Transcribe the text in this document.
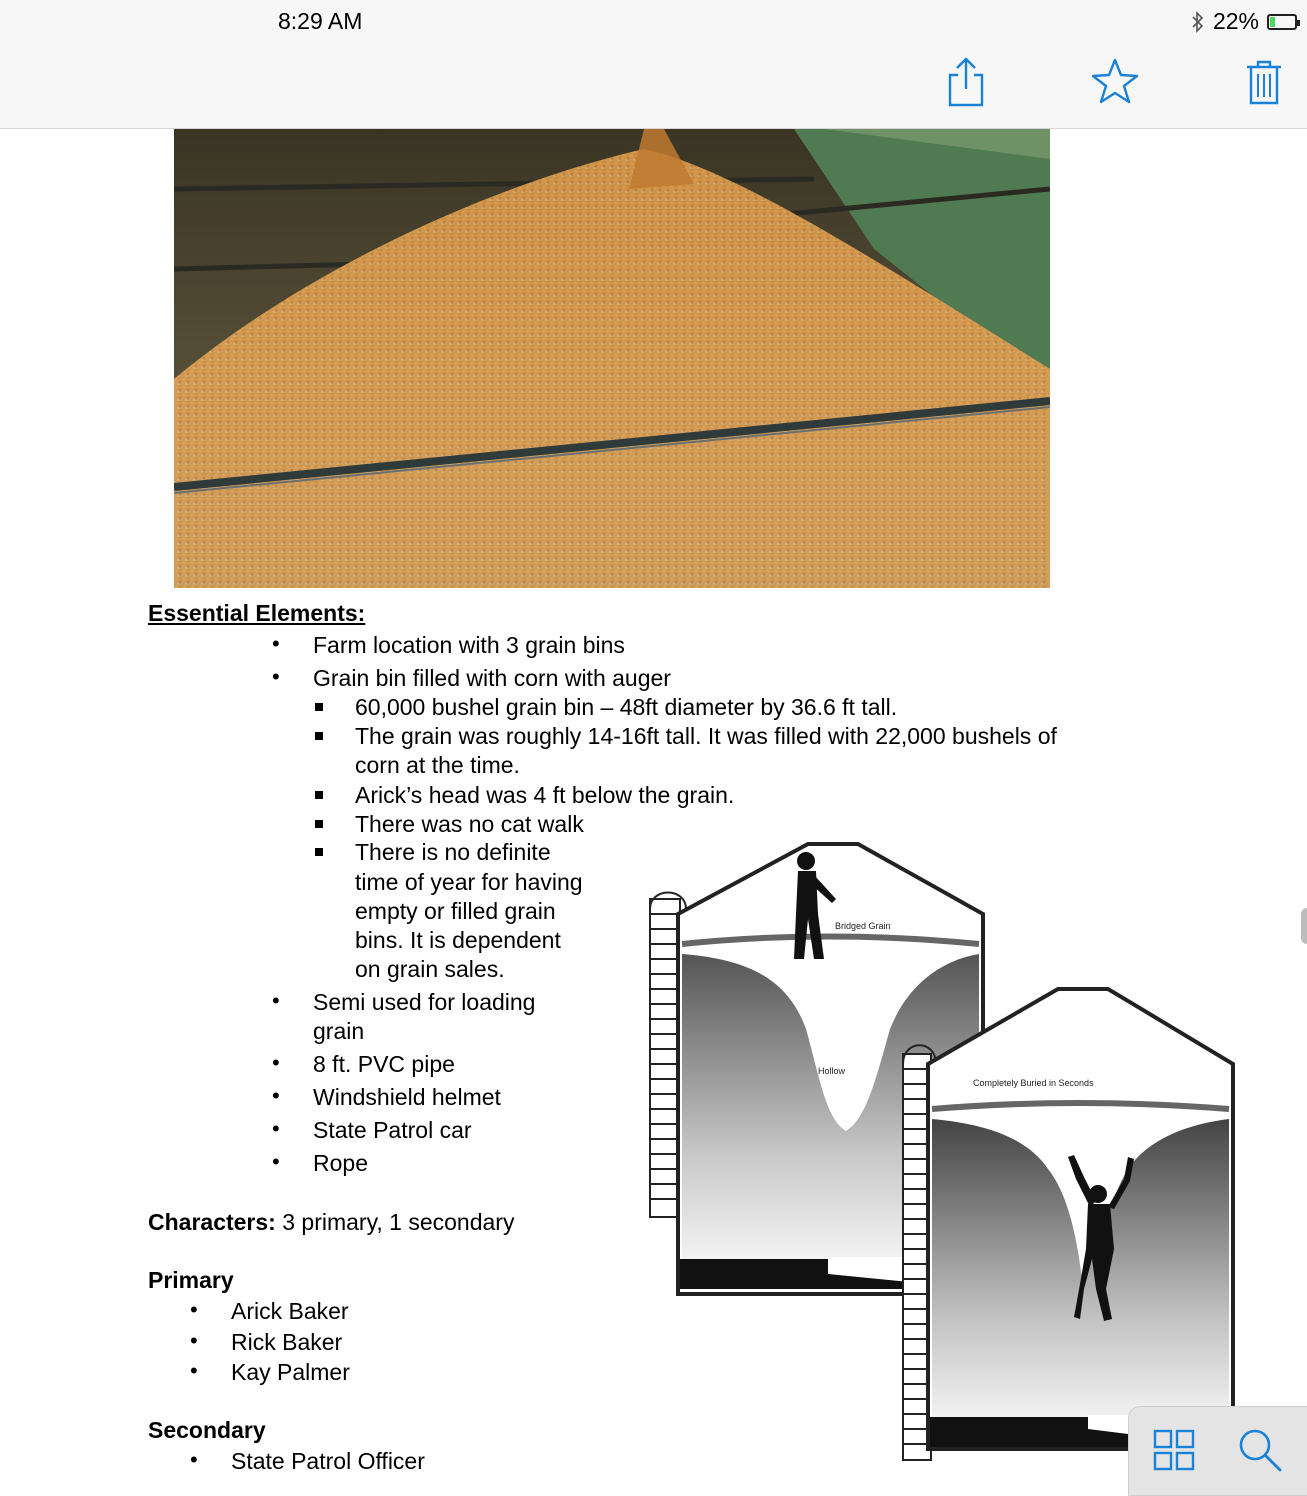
8:29 AM	22%
Essential Elements:
• Farm location with 3 grain bins
• Grain bin filled with corn with auger
60,000 bushel grain bin – 48ft diameter by 36.6 ft tall.
The grain was roughly 14-16ft tall. It was filled with 22,000 bushels of
corn at the time.
Arick’s head was 4 ft below the grain.
There was no cat walk
There is no definite
time of year for having
empty or filled grain
bins. It is dependent
on grain sales.
• Semi used for loading
grain
• 8 ft. PVC pipe
• Windshield helmet
• State Patrol car
• Rope
Characters: 3 primary, 1 secondary
Primary
• Arick Baker
• Rick Baker
• Kay Palmer
Secondary
• State Patrol Officer
Bridged Grain
Hollow
Completely Buried in Seconds
